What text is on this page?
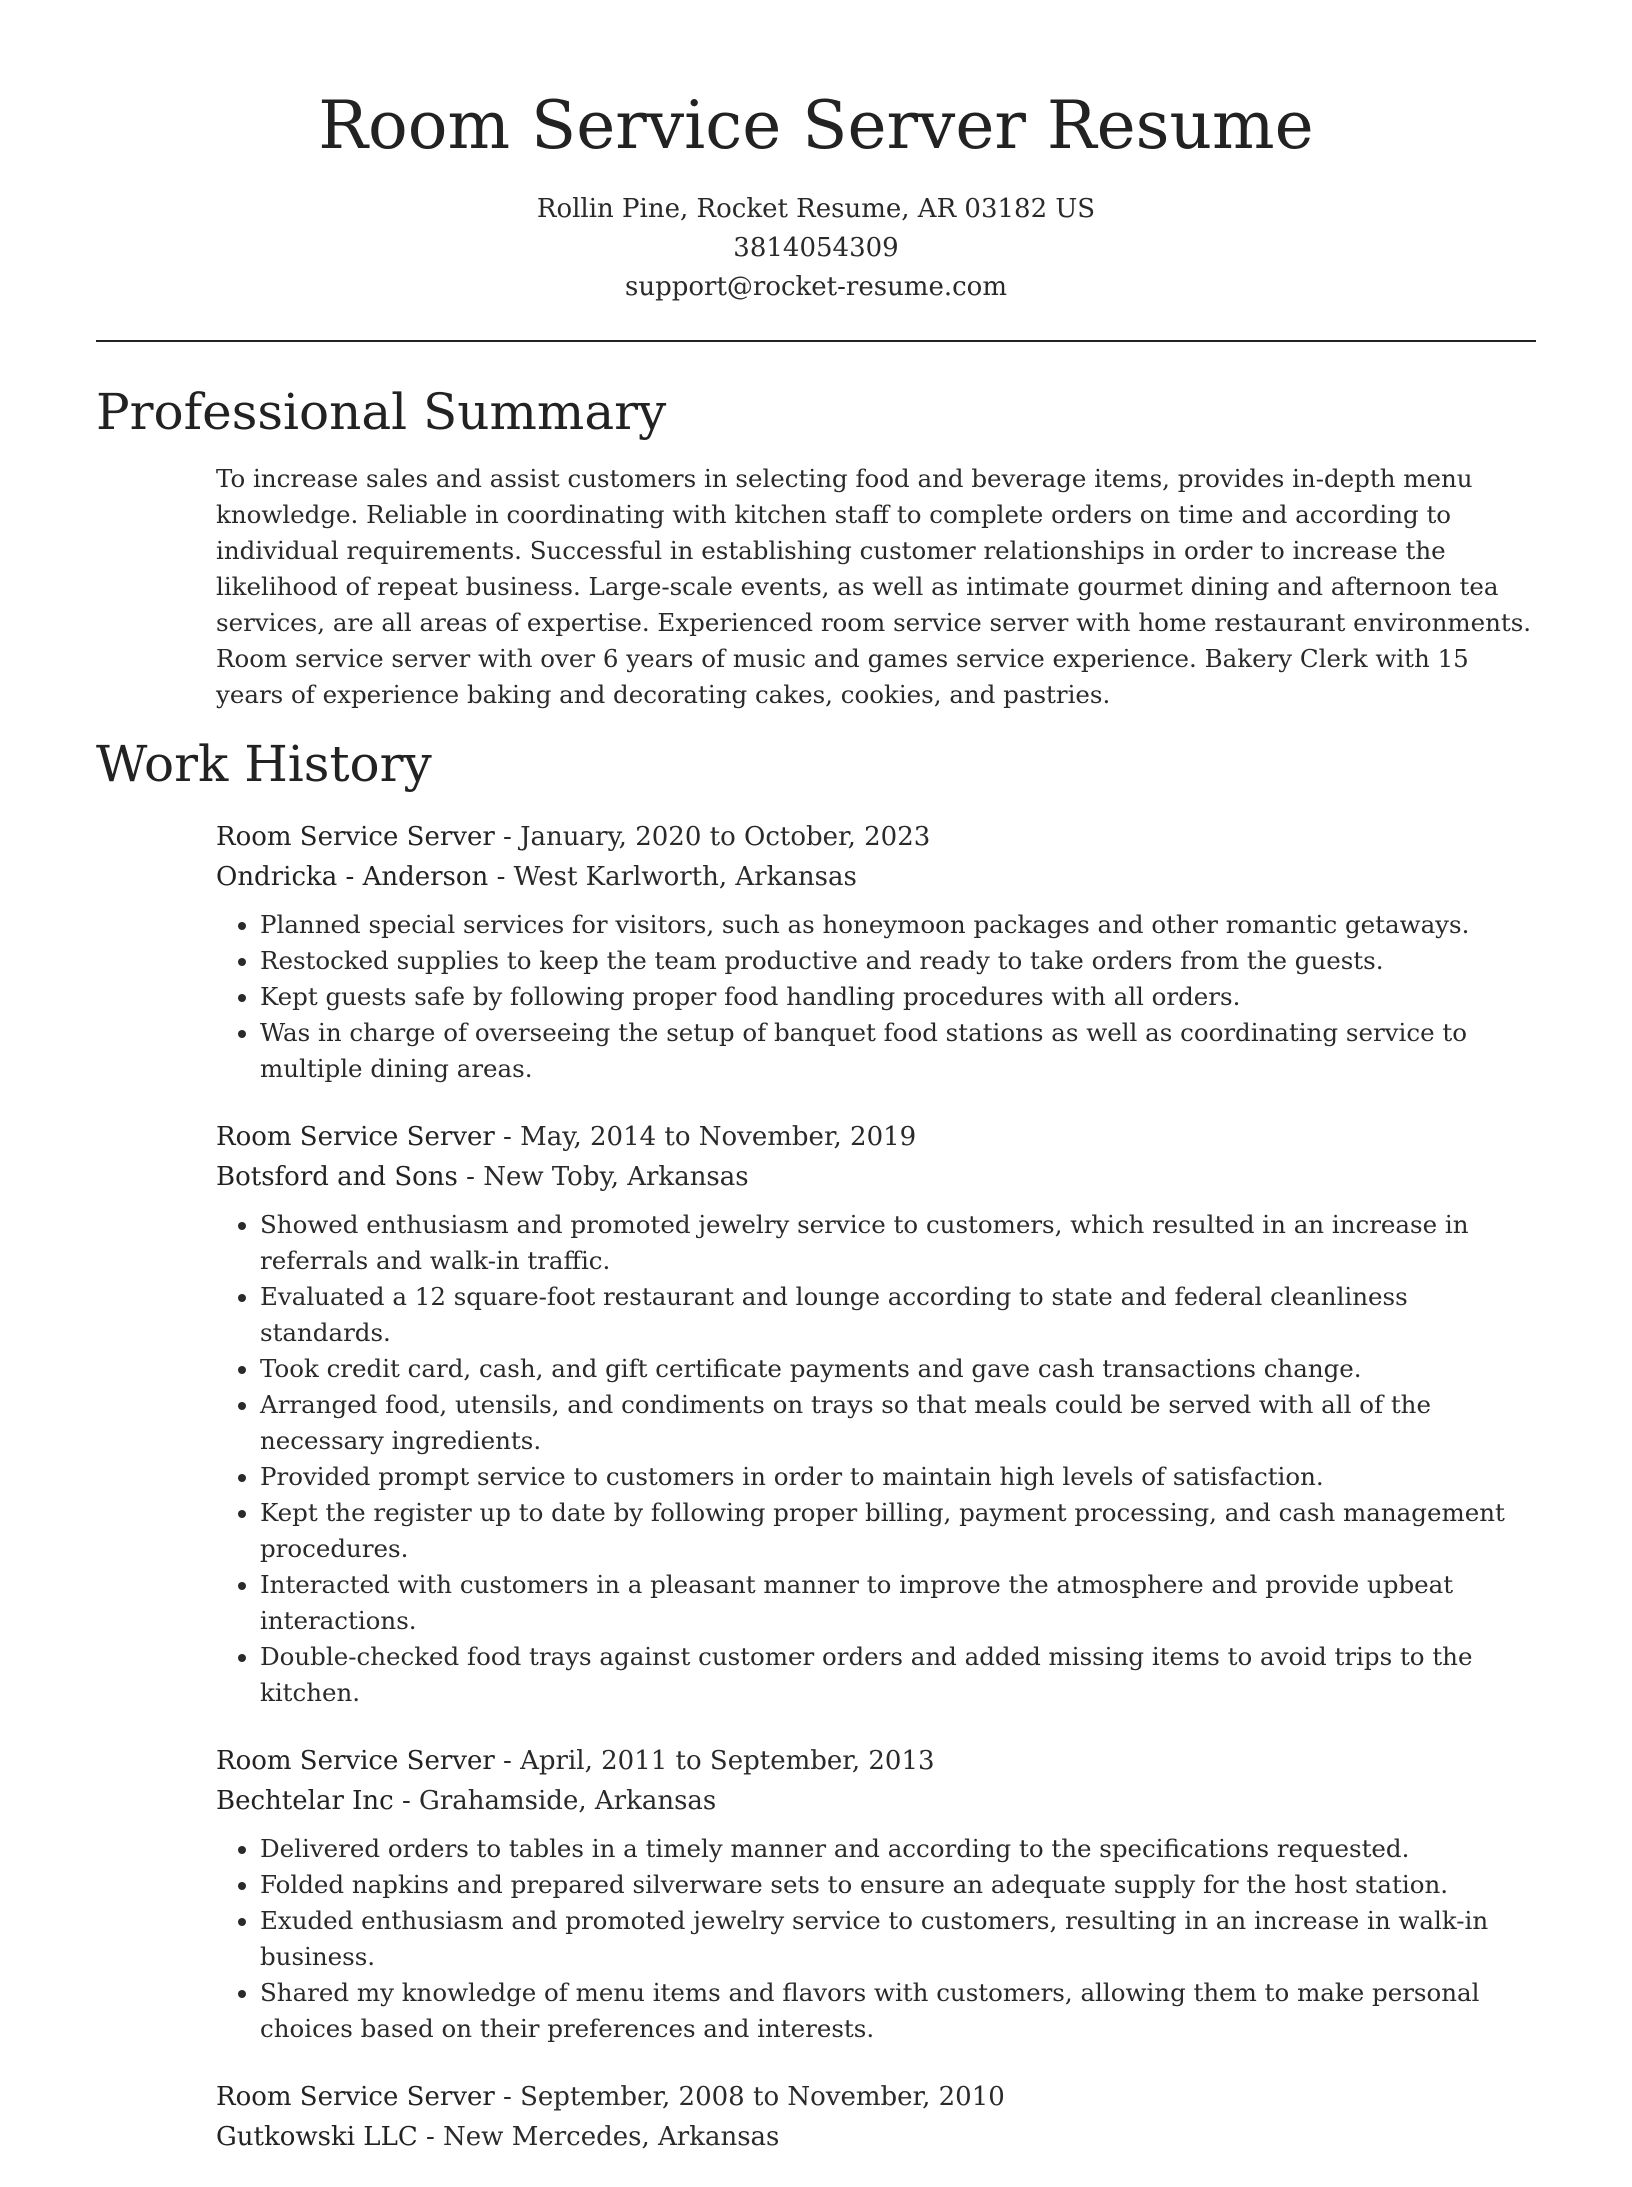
Room Service Server Resume
Rollin Pine, Rocket Resume, AR 03182 US
3814054309
support@rocket-resume.com
Professional Summary

To increase sales and assist customers in selecting food and beverage items, provides in-depth menu knowledge. Reliable in coordinating with kitchen staff to complete orders on time and according to individual requirements. Successful in establishing customer relationships in order to increase the likelihood of repeat business. Large-scale events, as well as intimate gourmet dining and afternoon tea services, are all areas of expertise. Experienced room service server with home restaurant environments. Room service server with over 6 years of music and games service experience. Bakery Clerk with 15 years of experience baking and decorating cakes, cookies, and pastries.

Work History
Room Service Server - January, 2020 to October, 2023
Ondricka - Anderson - West Karlworth, Arkansas
• Planned special services for visitors, such as honeymoon packages and other romantic getaways.
• Restocked supplies to keep the team productive and ready to take orders from the guests.
• Kept guests safe by following proper food handling procedures with all orders.
• Was in charge of overseeing the setup of banquet food stations as well as coordinating service to multiple dining areas.
Room Service Server - May, 2014 to November, 2019
Botsford and Sons - New Toby, Arkansas
• Showed enthusiasm and promoted jewelry service to customers, which resulted in an increase in referrals and walk-in traffic.
• Evaluated a 12 square-foot restaurant and lounge according to state and federal cleanliness standards.
• Took credit card, cash, and gift certificate payments and gave cash transactions change.
• Arranged food, utensils, and condiments on trays so that meals could be served with all of the necessary ingredients.
• Provided prompt service to customers in order to maintain high levels of satisfaction.
• Kept the register up to date by following proper billing, payment processing, and cash management procedures.
• Interacted with customers in a pleasant manner to improve the atmosphere and provide upbeat interactions.
• Double-checked food trays against customer orders and added missing items to avoid trips to the kitchen.
Room Service Server - April, 2011 to September, 2013
Bechtelar Inc - Grahamside, Arkansas
• Delivered orders to tables in a timely manner and according to the specifications requested.
• Folded napkins and prepared silverware sets to ensure an adequate supply for the host station.
• Exuded enthusiasm and promoted jewelry service to customers, resulting in an increase in walk-in business.
• Shared my knowledge of menu items and flavors with customers, allowing them to make personal choices based on their preferences and interests.
Room Service Server - September, 2008 to November, 2010
Gutkowski LLC - New Mercedes, Arkansas
